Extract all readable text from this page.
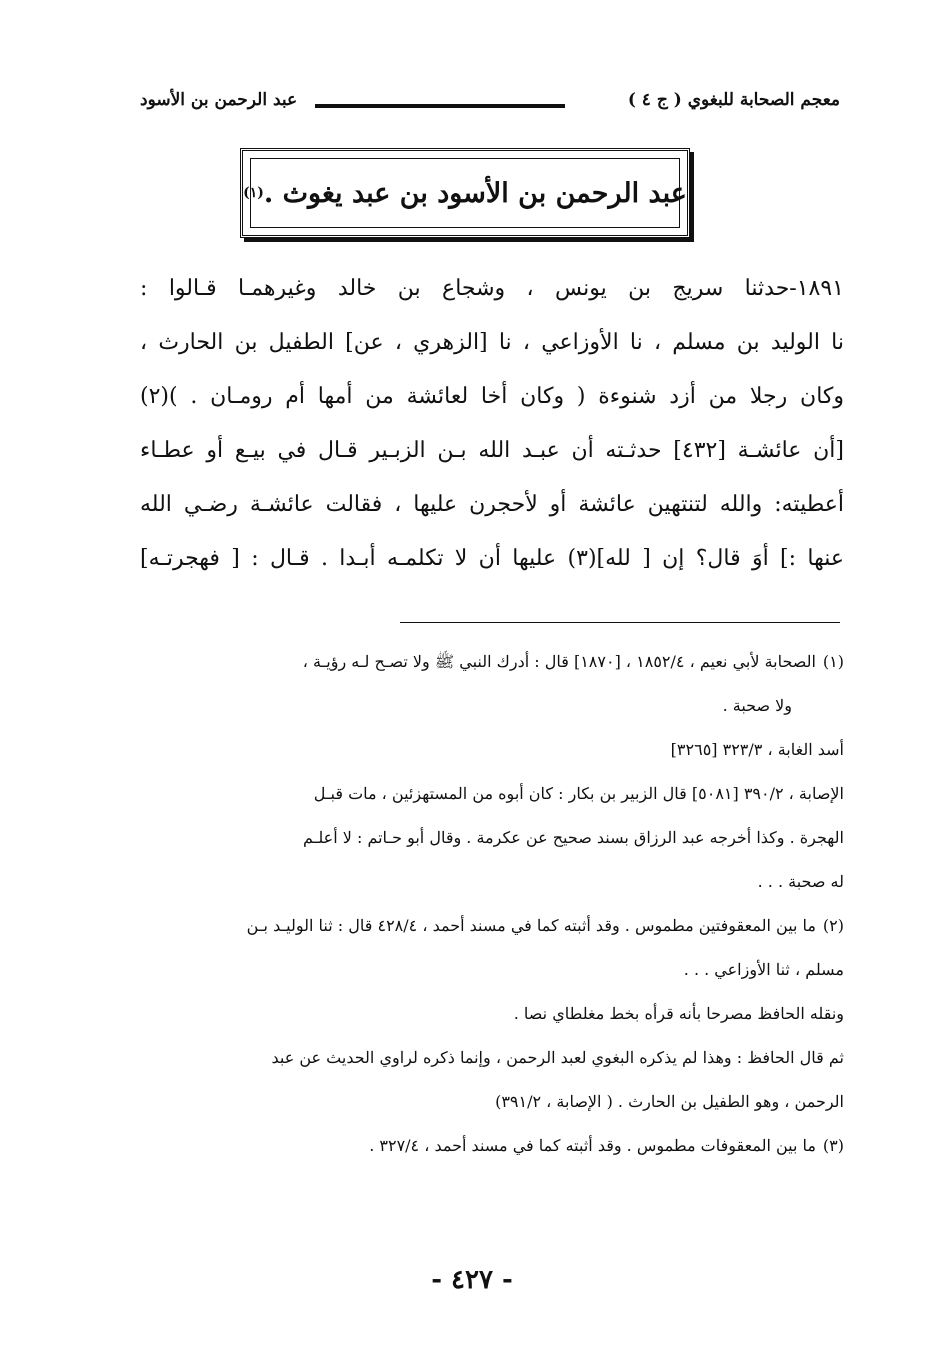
معجم الصحابة للبغوي ( ج ٤ )
عبد الرحمن بن الأسود
عبد الرحمن بن الأسود بن عبد يغوث .
(١)
١٨٩١-حدثنا سريج بن يونس ، وشجاع بن خالد وغيرهمـا قـالوا :
نا الوليد بن مسلم ، نا الأوزاعي ، نا [الزهري ، عن] الطفيل بن الحارث ،
وكان رجلا من أزد شنوءة ( وكان أخا لعائشة من أمها أم رومـان . )(٢)
[أن عائشـة [٤٣٢] حدثـته أن عبـد الله بـن الزبـير قـال في بيـع أو عطـاء
أعطيته: والله لتنتهين عائشة أو لأحجرن عليها ، فقالت عائشـة رضـي الله
عنها :] أوَ قال؟ إن [ لله](٣) عليها أن لا تكلمـه أبـدا . قـال : [ فهجرتـه]
(١)الصحابة لأبي نعيم ، ١٨٥٢/٤ ، [١٨٧٠] قال : أدرك النبي ﷺ ولا تصـح لـه رؤيـة ،
ولا صحبة .
أسد الغابة ، ٣٢٣/٣ [٣٢٦٥]
الإصابة ، ٣٩٠/٢ [٥٠٨١] قال الزبير بن بكار : كان أبوه من المستهزئين ، مات قبـل
الهجرة . وكذا أخرجه عبد الرزاق بسند صحيح عن عكرمة . وقال أبو حـاتم : لا أعلـم
له صحبة . . .
(٢)ما بين المعقوفتين مطموس . وقد أثبته كما في مسند أحمد ، ٤٢٨/٤ قال : ثنا الوليـد بـن
مسلم ، ثنا الأوزاعي . . .
ونقله الحافظ مصرحا بأنه قرأه بخط مغلطاي نصا .
ثم قال الحافظ : وهذا لم يذكره البغوي لعبد الرحمن ، وإنما ذكره لراوي الحديث عن عبد
الرحمن ، وهو الطفيل بن الحارث . ( الإصابة ، ٣٩١/٢)
(٣)ما بين المعقوفات مطموس . وقد أثبته كما في مسند أحمد ، ٣٢٧/٤ .
- ٤٢٧ -
